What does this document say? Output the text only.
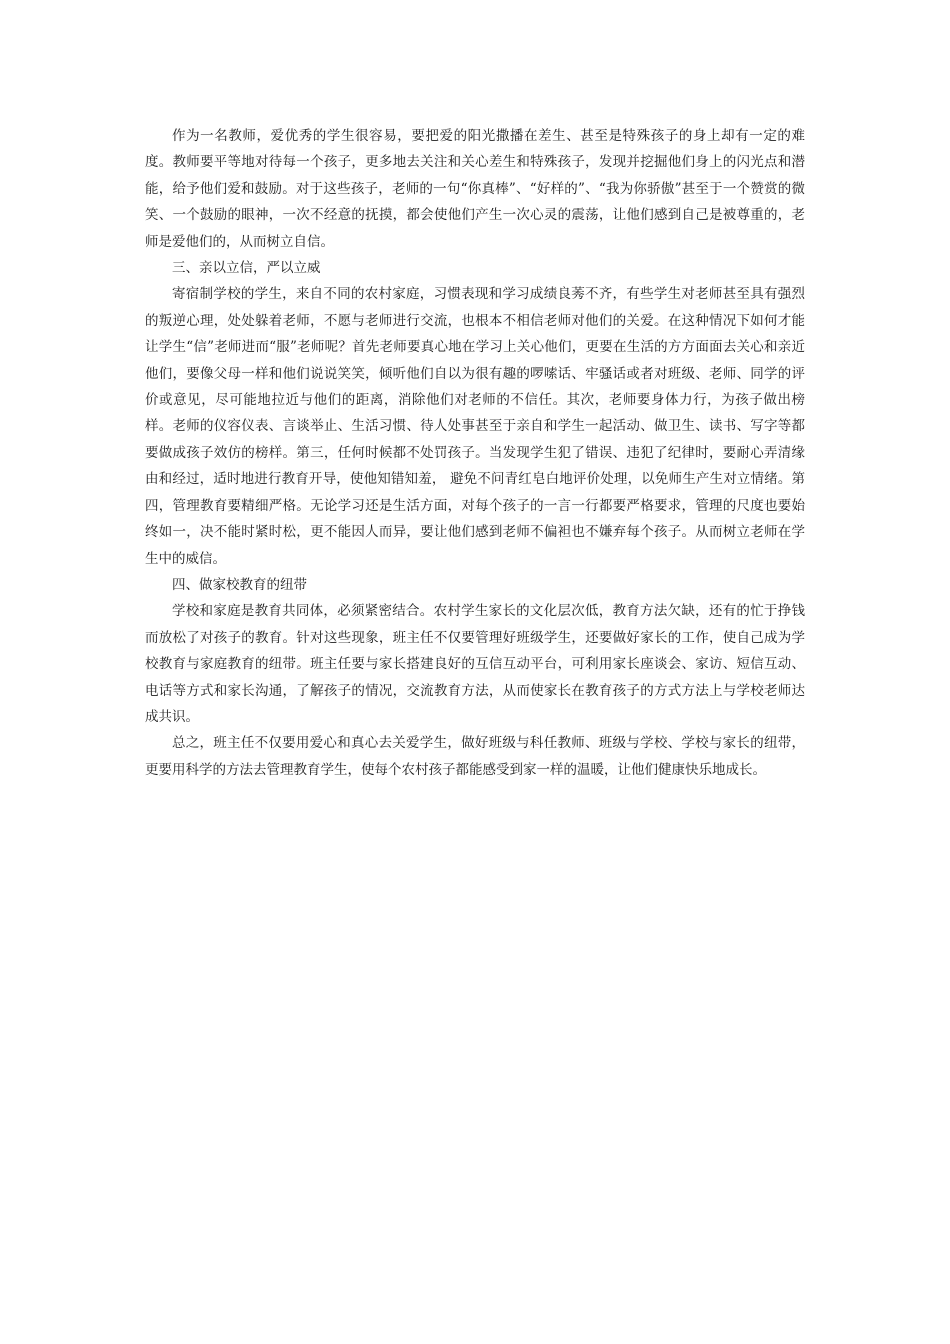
作为一名教师，爱优秀的学生很容易，要把爱的阳光撒播在差生、甚至是特殊孩子的身上却有一定的难度。教师要平等地对待每一个孩子，更多地去关注和关心差生和特殊孩子，发现并挖掘他们身上的闪光点和潜能，给予他们爱和鼓励。对于这些孩子，老师的一句“你真棒”、“好样的”、“我为你骄傲”甚至于一个赞赏的微笑、一个鼓励的眼神，一次不经意的抚摸，都会使他们产生一次心灵的震荡，让他们感到自己是被尊重的，老师是爱他们的，从而树立自信。

三、亲以立信，严以立威

寄宿制学校的学生，来自不同的农村家庭，习惯表现和学习成绩良莠不齐，有些学生对老师甚至具有强烈的叛逆心理，处处躲着老师，不愿与老师进行交流，也根本不相信老师对他们的关爱。在这种情况下如何才能让学生“信”老师进而“服”老师呢？首先老师要真心地在学习上关心他们，更要在生活的方方面面去关心和亲近他们，要像父母一样和他们说说笑笑，倾听他们自以为很有趣的啰嗦话、牢骚话或者对班级、老师、同学的评价或意见，尽可能地拉近与他们的距离，消除他们对老师的不信任。其次，老师要身体力行，为孩子做出榜样。老师的仪容仪表、言谈举止、生活习惯、待人处事甚至于亲自和学生一起活动、做卫生、读书、写字等都要做成孩子效仿的榜样。第三，任何时候都不处罚孩子。当发现学生犯了错误、违犯了纪律时，要耐心弄清缘由和经过，适时地进行教育开导，使他知错知羞， 避免不问青红皂白地评价处理，以免师生产生对立情绪。第四，管理教育要精细严格。无论学习还是生活方面，对每个孩子的一言一行都要严格要求，管理的尺度也要始终如一，决不能时紧时松，更不能因人而异，要让他们感到老师不偏袒也不嫌弃每个孩子。从而树立老师在学生中的威信。

四、做家校教育的纽带

学校和家庭是教育共同体，必须紧密结合。农村学生家长的文化层次低，教育方法欠缺，还有的忙于挣钱而放松了对孩子的教育。针对这些现象，班主任不仅要管理好班级学生，还要做好家长的工作，使自己成为学校教育与家庭教育的纽带。班主任要与家长搭建良好的互信互动平台，可利用家长座谈会、家访、短信互动、电话等方式和家长沟通，了解孩子的情况，交流教育方法，从而使家长在教育孩子的方式方法上与学校老师达成共识。

总之，班主任不仅要用爱心和真心去关爱学生，做好班级与科任教师、班级与学校、学校与家长的纽带，更要用科学的方法去管理教育学生，使每个农村孩子都能感受到家一样的温暖，让他们健康快乐地成长。
